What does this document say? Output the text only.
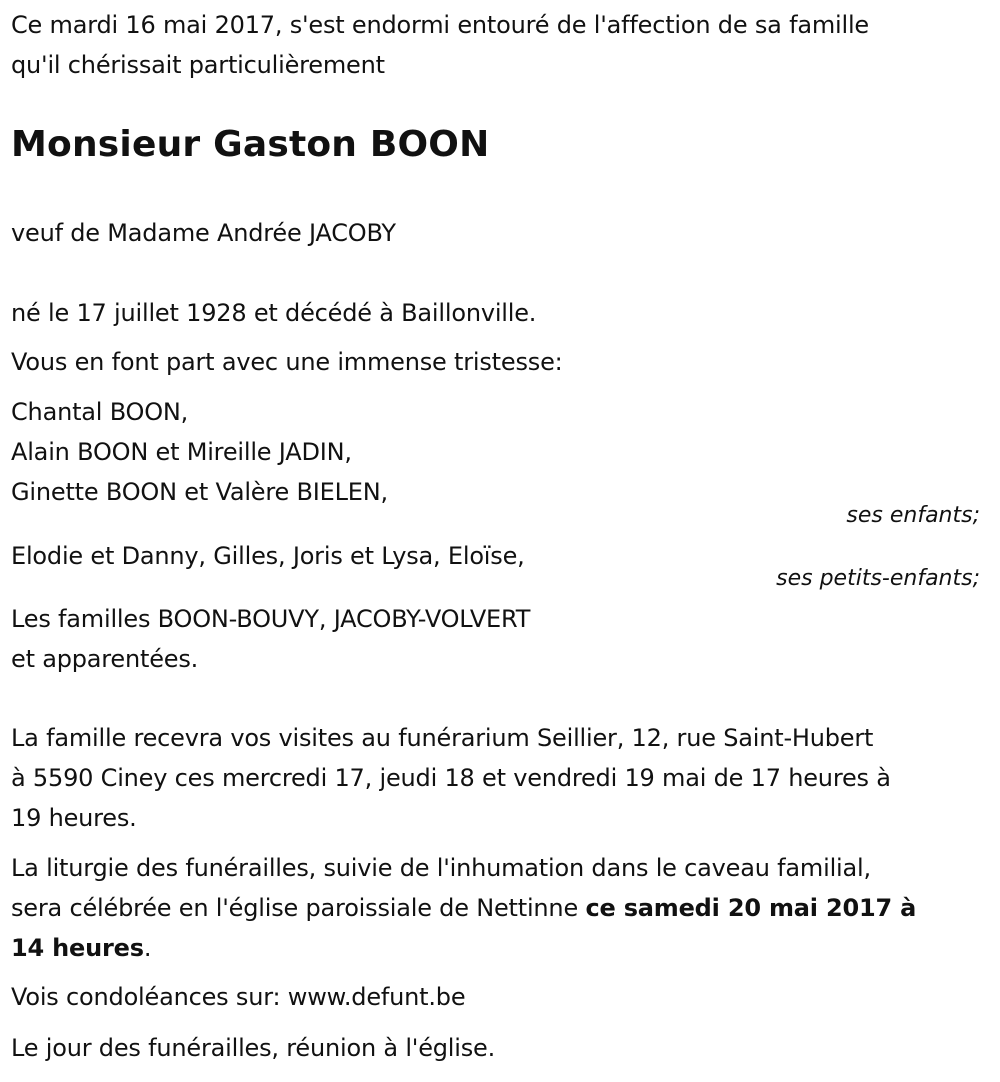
Ce mardi 16 mai 2017, s'est endormi entouré de l'affection de sa famille
qu'il chérissait particulièrement
Monsieur Gaston BOON
veuf de Madame Andrée JACOBY
né le 17 juillet 1928 et décédé à Baillonville.
Vous en font part avec une immense tristesse:
Chantal BOON,
Alain BOON et Mireille JADIN,
Ginette BOON et Valère BIELEN,
ses enfants;
Elodie et Danny, Gilles, Joris et Lysa, Eloïse,
ses petits-enfants;
Les familles BOON-BOUVY, JACOBY-VOLVERT
et apparentées.
La famille recevra vos visites au funérarium Seillier, 12, rue Saint-Hubert
à 5590 Ciney ces mercredi 17, jeudi 18 et vendredi 19 mai de 17 heures à
19 heures.
La liturgie des funérailles, suivie de l'inhumation dans le caveau familial,
sera célébrée en l'église paroissiale de Nettinne ce samedi 20 mai 2017 à
14 heures.
Vois condoléances sur: www.defunt.be
Le jour des funérailles, réunion à l'église.
